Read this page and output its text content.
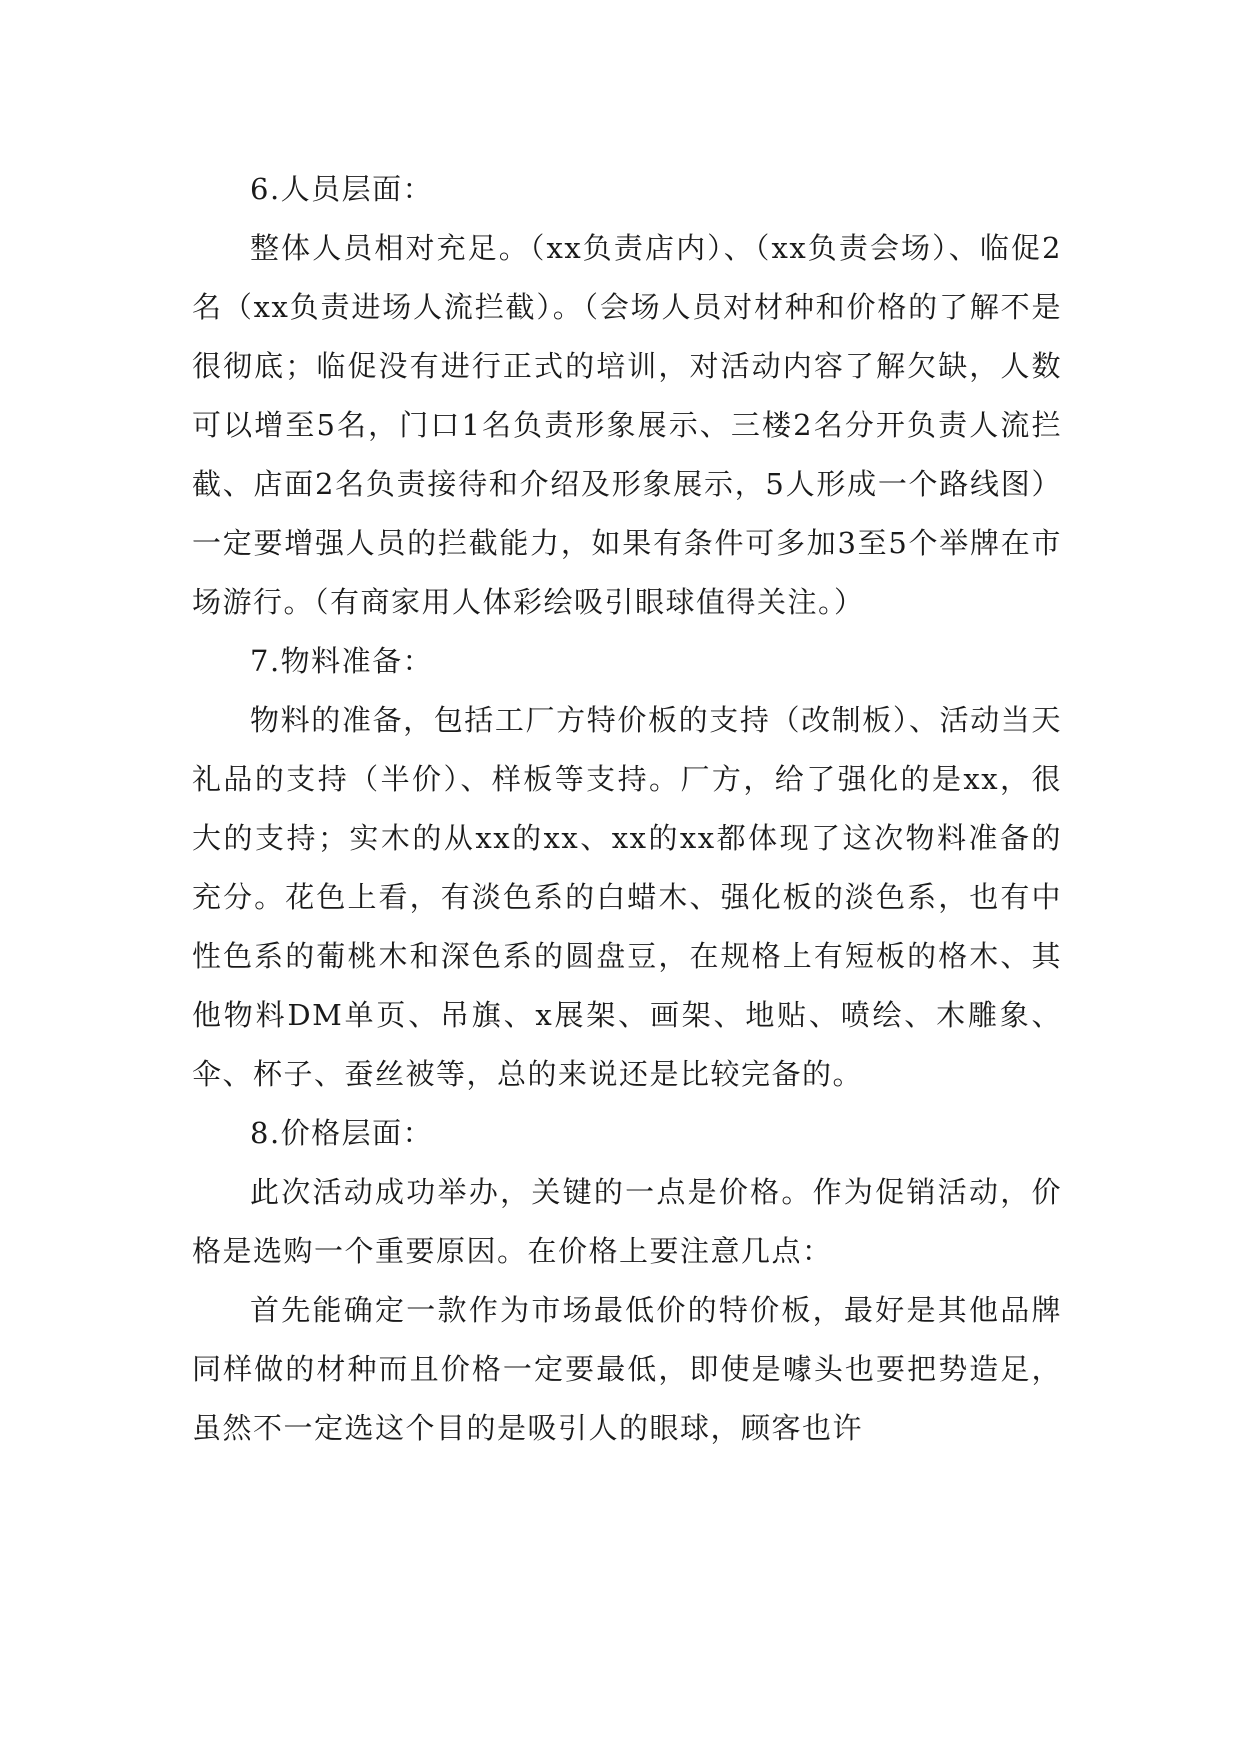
6.人员层面：

整体人员相对充足。（xx负责店内）、（xx负责会场）、临促2名（xx负责进场人流拦截）。（会场人员对材种和价格的了解不是很彻底；临促没有进行正式的培训，对活动内容了解欠缺，人数可以增至5名，门口1名负责形象展示、三楼2名分开负责人流拦截、店面2名负责接待和介绍及形象展示，5人形成一个路线图）一定要增强人员的拦截能力，如果有条件可多加3至5个举牌在市场游行。（有商家用人体彩绘吸引眼球值得关注。）

7.物料准备：

物料的准备，包括工厂方特价板的支持（改制板）、活动当天礼品的支持（半价）、样板等支持。厂方，给了强化的是xx，很大的支持；实木的从xx的xx、xx的xx都体现了这次物料准备的充分。花色上看，有淡色系的白蜡木、强化板的淡色系，也有中性色系的葡桃木和深色系的圆盘豆，在规格上有短板的格木、其他物料DM单页、吊旗、x展架、画架、地贴、喷绘、木雕象、伞、杯子、蚕丝被等，总的来说还是比较完备的。

8.价格层面：

此次活动成功举办，关键的一点是价格。作为促销活动，价格是选购一个重要原因。在价格上要注意几点：

首先能确定一款作为市场最低价的特价板，最好是其他品牌同样做的材种而且价格一定要最低，即使是噱头也要把势造足，虽然不一定选这个目的是吸引人的眼球，顾客也许
